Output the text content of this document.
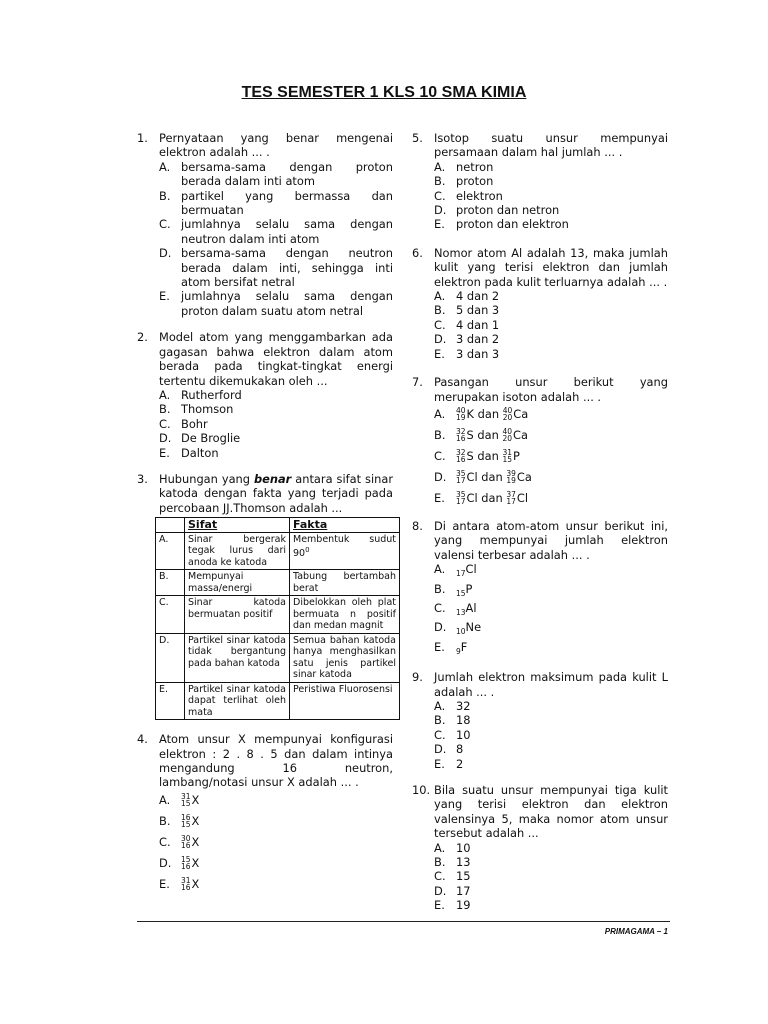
TES SEMESTER 1 KLS 10 SMA KIMIA
1. Pernyataan yang benar mengenai elektron adalah ... .
A. bersama-sama dengan proton berada dalam inti atom
B. partikel yang bermassa dan bermuatan
C. jumlahnya selalu sama dengan neutron dalam inti atom
D. bersama-sama dengan neutron berada dalam inti, sehingga inti atom bersifat netral
E. jumlahnya selalu sama dengan proton dalam suatu atom netral
2. Model atom yang menggambarkan ada gagasan bahwa elektron dalam atom berada pada tingkat-tingkat energi tertentu dikemukakan oleh ...
A. Rutherford
B. Thomson
C. Bohr
D. De Broglie
E. Dalton
3. Hubungan yang benar antara sifat sinar katoda dengan fakta yang terjadi pada percobaan JJ.Thomson adalah ...
	Sifat	Fakta
A.	Sinar bergerak tegak lurus dari anoda ke katoda	Membentuk sudut $90^0$
B.	Mempunyai massa/energi	Tabung bertambah berat
C.	Sinar katoda bermuatan positif	Dibelokkan oleh plat bermuata n positif dan medan magnit
D.	Partikel sinar katoda tidak bergantung pada bahan katoda	Semua bahan katoda hanya menghasilkan satu jenis partikel sinar katoda
E.	Partikel sinar katoda dapat terlihat oleh mata	Peristiwa Fluorosensi
4. Atom unsur X mempunyai konfigurasi elektron : 2 . 8 . 5 dan dalam intinya mengandung 16 neutron, lambang/notasi unsur X adalah ... .
A. 31
15 X
B. 16
15 X
C. 30
16 X
D. 15
16 X
E. 31
16 X
5. Isotop suatu unsur mempunyai persamaan dalam hal jumlah ... .
A. netron
B. proton
C. elektron
D. proton dan netron
E. proton dan elektron
6. Nomor atom Al adalah 13, maka jumlah kulit yang terisi elektron dan jumlah elektron pada kulit terluarnya adalah ... .
A. 4 dan 2
B. 5 dan 3
C. 4 dan 1
D. 3 dan 2
E. 3 dan 3
7. Pasangan unsur berikut yang merupakan isoton adalah ... .
A. 40
19 K dan 40
20 Ca
B. 32
16 S dan 40
20 Ca
C. 32
16 S dan 31
15 P
D. 35
17 Cl dan 39
19 Ca
E. 35
17 Cl dan 37
17 Cl
8. Di antara atom-atom unsur berikut ini, yang mempunyai jumlah elektron valensi terbesar adalah ... .
A. $_{17}$Cl
B. $_{15}$P
C. $_{13}$Al
D. $_{10}$Ne
E. $_9$F
9. Jumlah elektron maksimum pada kulit L adalah ... .
A. 32
B. 18
C. 10
D. 8
E. 2
10. Bila suatu unsur mempunyai tiga kulit yang terisi elektron dan elektron valensinya 5, maka nomor atom unsur tersebut adalah ...
A. 10
B. 13
C. 15
D. 17
E. 19
PRIMAGAMA – 1
